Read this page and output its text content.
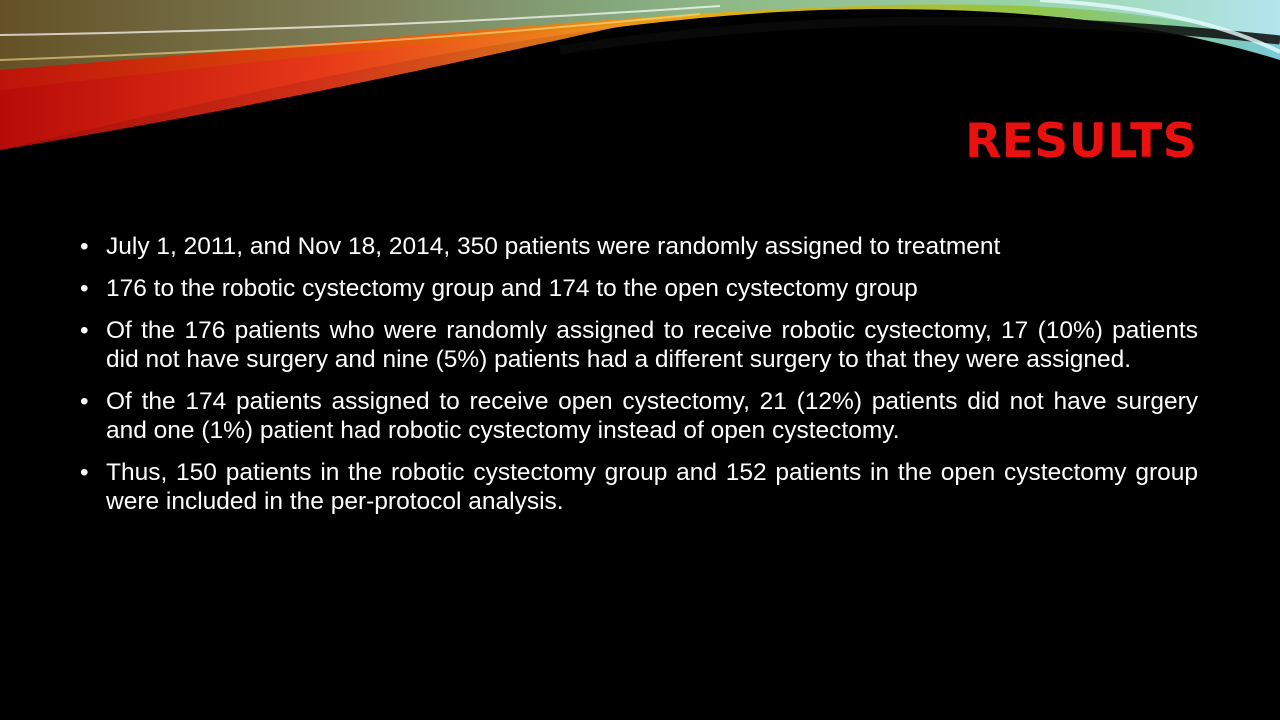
RESULTS
• July 1, 2011, and Nov 18, 2014, 350 patients were randomly assigned to treatment
• 176 to the robotic cystectomy group and 174 to the open cystectomy group
• Of the 176 patients who were randomly assigned to receive robotic cystectomy, 17 (10%) patients did not have surgery and nine (5%) patients had a different surgery to that they were assigned.
• Of the 174 patients assigned to receive open cystectomy, 21 (12%) patients did not have surgery and one (1%) patient had robotic cystectomy instead of open cystectomy.
• Thus, 150 patients in the robotic cystectomy group and 152 patients in the open cystectomy group were included in the per-protocol analysis.
